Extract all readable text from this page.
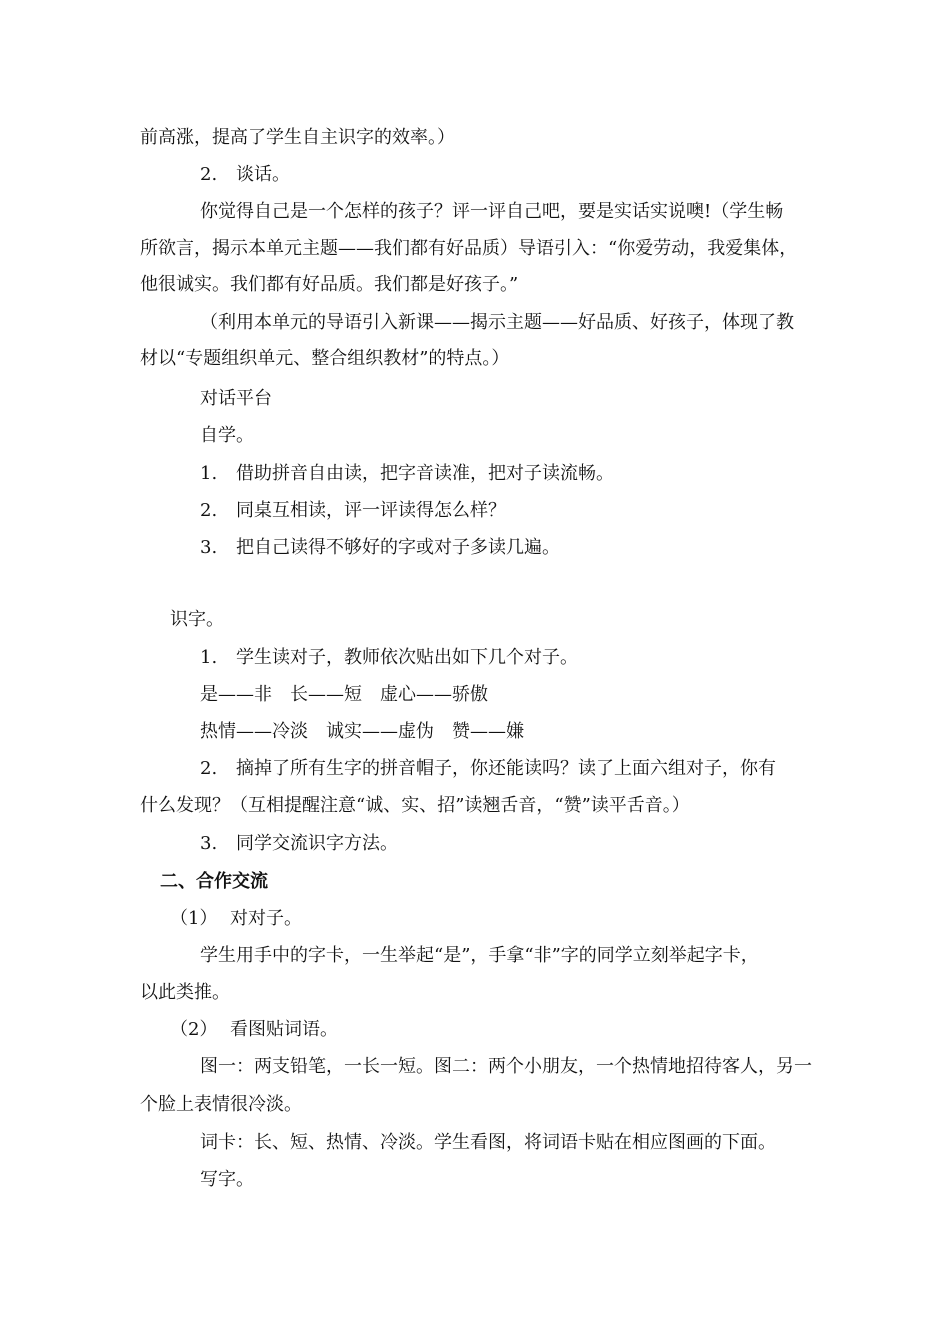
前高涨，提高了学生自主识字的效率。）
2. 谈话。
你觉得自己是一个怎样的孩子？评一评自己吧，要是实话实说噢!（学生畅
所欲言，揭示本单元主题——我们都有好品质）导语引入：“你爱劳动，我爱集体，
他很诚实。我们都有好品质。我们都是好孩子。”
（利用本单元的导语引入新课——揭示主题——好品质、好孩子，体现了教
材以“专题组织单元、整合组织教材”的特点。）
对话平台
自学。
1. 借助拼音自由读，把字音读准，把对子读流畅。
2. 同桌互相读，评一评读得怎么样？
3. 把自己读得不够好的字或对子多读几遍。
识字。
1. 学生读对子，教师依次贴出如下几个对子。
是——非　长——短　虚心——骄傲
热情——冷淡　诚实——虚伪　赞——嫌
2. 摘掉了所有生字的拼音帽子，你还能读吗？读了上面六组对子，你有
什么发现？（互相提醒注意“诚、实、招”读翘舌音，“赞”读平舌音。）
3. 同学交流识字方法。
二、合作交流
（1） 对对子。
学生用手中的字卡，一生举起“是”，手拿“非”字的同学立刻举起字卡，
以此类推。
（2） 看图贴词语。
图一：两支铅笔，一长一短。图二：两个小朋友，一个热情地招待客人，另一
个脸上表情很冷淡。
词卡：长、短、热情、冷淡。学生看图，将词语卡贴在相应图画的下面。
写字。
